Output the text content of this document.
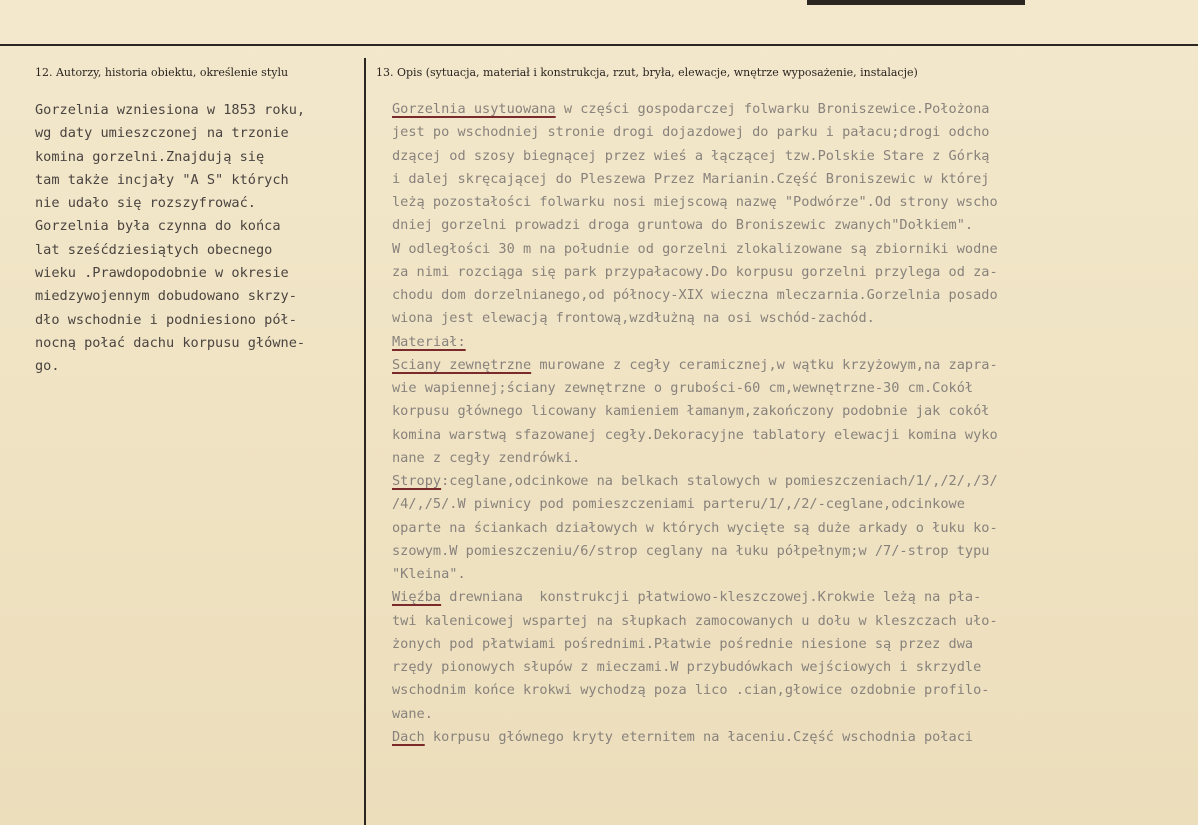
12. Autorzy, historia obiektu, określenie stylu	13. Opis (sytuacja, materiał i konstrukcja, rzut, bryła, elewacje, wnętrze wyposażenie, instalacje)
Gorzelnia wzniesiona w 1853 roku,
wg daty umieszczonej na trzonie
komina gorzelni.Znajdują się
tam także incjały "A S" których
nie udało się rozszyfrować.
Gorzelnia była czynna do końca
lat sześćdziesiątych obecnego
wieku .Prawdopodobnie w okresie
miedzywojennym dobudowano skrzy-
dło wschodnie i podniesiono pół-
nocną połać dachu korpusu główne-
go.
Gorzelnia usytuowana w części gospodarczej folwarku Broniszewice.Położona
jest po wschodniej stronie drogi dojazdowej do parku i pałacu;drogi odcho
dzącej od szosy biegnącej przez wieś a łączącej tzw.Polskie Stare z Górką
i dalej skręcającej do Pleszewa Przez Marianin.Część Broniszewic w której
leżą pozostałości folwarku nosi miejscową nazwę "Podwórze".Od strony wscho
dniej gorzelni prowadzi droga gruntowa do Broniszewic zwanych"Dołkiem".
W odległości 30 m na południe od gorzelni zlokalizowane są zbiorniki wodne
za nimi rozciąga się park przypałacowy.Do korpusu gorzelni przylega od za-
chodu dom dorzelnianego,od północy-XIX wieczna mleczarnia.Gorzelnia posado
wiona jest elewacją frontową,wzdłużną na osi wschód-zachód.
Materiał:
Sciany zewnętrzne murowane z cegły ceramicznej,w wątku krzyżowym,na zapra-
wie wapiennej;ściany zewnętrzne o grubości-60 cm,wewnętrzne-30 cm.Cokół
korpusu głównego licowany kamieniem łamanym,zakończony podobnie jak cokół
komina warstwą sfazowanej cegły.Dekoracyjne tablatory elewacji komina wyko
nane z cegły zendrówki.
Stropy:ceglane,odcinkowe na belkach stalowych w pomieszczeniach/1/,/2/,/3/
/4/,/5/.W piwnicy pod pomieszczeniami parteru/1/,/2/-ceglane,odcinkowe
oparte na ściankach działowych w których wycięte są duże arkady o łuku ko-
szowym.W pomieszczeniu/6/strop ceglany na łuku półpełnym;w /7/-strop typu
"Kleina".
Więźba drewniana  konstrukcji płatwiowo-kleszczowej.Krokwie leżą na pła-
twi kalenicowej wspartej na słupkach zamocowanych u dołu w kleszczach uło-
żonych pod płatwiami pośrednimi.Płatwie pośrednie niesione są przez dwa
rzędy pionowych słupów z mieczami.W przybudówkach wejściowych i skrzydle
wschodnim końce krokwi wychodzą poza lico .cian,głowice ozdobnie profilo-
wane.
Dach korpusu głównego kryty eternitem na łaceniu.Część wschodnia połaci
